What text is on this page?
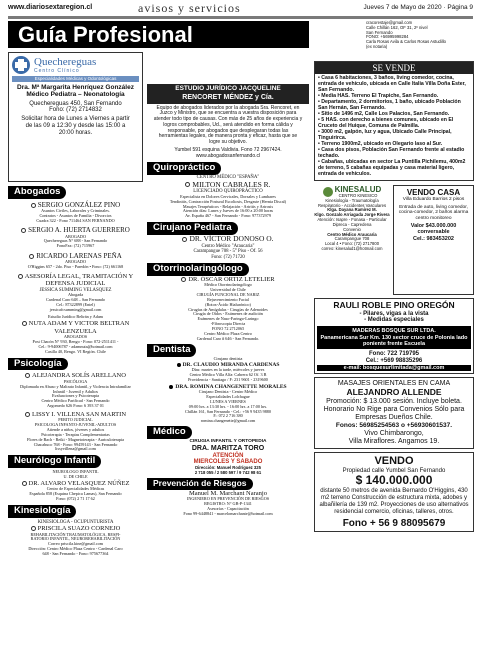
www.diariosextaregion.cl	avisos y servicios	Jueves 7 de Mayo de 2020 · Página 9
Guía Profesional
Quechereguas
Centro Clínico
Especialidades Médicas y Odontológicas
Dra. Mª Margarita Henríquez González
Médico Pediatra – Neonatología
Quechereguas 450, San Fernando
Fono: (72) 2714832
Solicitar hora de Lunes a Viernes a partir de las 09 a 12:30 y desde las 15:00 a 20:00 horas.
Abogados
SERGIO GONZÁLEZ PINO
Asuntos Civiles, Laborales y Criminales.
Contratos - Asuntos de Familia - Divorcios
Cuadra 322 - Fono 711464 SAN FERNANDO
SERGIO A. HUERTA GUERRERO
ABOGADO
Quechereguas N° 688 - San Fernando
FonoFax: (72) 715967
RICARDO LARENAS PEÑA
ABOGADO
O'Higgins 657 - 2do. Piso - Paredón • Fono: (72) 661168
ASESORÍA LEGAL, TRAMITACIÓN Y DEFENSA JUDICIAL
JESSICA SUMMING VELASQUEZ
Abogada
Cardenal Caro 648 – San Fernando
Cel.: 87322899 (Entel)
jessicafcsumming@gmail.com
Estudio Jurídico Beltrán y Adam
NUTA ADAM Y VICTOR BELTRAN VALENZUELA
ABOGADOS
Post Chacón N° 930, Rengo - Fono: 072-2511411 -
Cel.: 9-94006787 - adamnuta@hotmail.com
Casilla 40, Rengo. VI Región. Chile
Psicología
ALEJANDRA SOLÍS ARELLANO
PSICÓLOGA
Diplomada en Abuso y Maltrato Infantil, y Violencia Intrafamiliar
Infantil - Juvenil y Adultos
Evaluaciones y Psicoterapia
Centro Médico Parificad - San Fernando
Argomedo 626 Fono: 6 393 37 01
LISSY I. VILLENA SAN MARTIN
PERITO JUDICIAL
PSICOLOGA INFANTO-JUVENIL-ADULTOS
Atiende a niños, jóvenes y adultos
Psicoterapia - Terapias Complementarias
Flores de Bach - Reiki - Magnetoterapia - Auriculoterapia
Chacabuco 768 - Fono: 99459143 - San Fernando
lissyvillena@gmail.com
Neurólogo Infantil
NEUROLOGO INFANTIL
U. DE CHILE
DR. ALVARO VELASQUEZ NÚÑEZ
Centro de Especialidades Médicas
Española 858 (Esquina Chepica Lamas), San Fernando
Fono: (072) 2 71 17 62
Kinesiología
KINESIOLOGA - OCUPUNTURISTA
PRISCILA SUAZO CORNEJO
REHABILITACIÓN TRAUMATOLÓGICA, RESPI-
RATORIO INFANTIL, NEUROREHABILITACIÓN
Correo priscila.kine@gmail.com
Dirección: Centro Médico Plaza Centro - Cardenal Caro
648 - San Fernando - Fono: 975677364
ESTUDIO JURÍDICO JACQUELINE
RENCORET MÉNDEZ y Cía.
Equipo de abogados liderados por la abogada Sra. Rencoret, en Juzco y Ministro, que se encuentra a vuestra disposición para atender todo tipo de causas. Con más de 25 años de experiencia y logros comprobables, Ud., será atendido en forma cálida y responsable, por abogados que desplegaran todas las herramientas legales, de manera pronta y eficaz, hasta que se logre su objetivo.
Yumbel 591 esquina Valdivia. Fono 72 2967424.
www.abogadosanfernando.cl
Quiropráctico
CENTRO MÉDICO "ESPAÑA"
MILTON CABRALES R.
LICENCIADO QUIROPRÁCTICO
Especialista en Dolores Cervicales, Dorsales y Lumbares
Tendinitis, Contracción Postural Escoliosis, Desgaste (Hernia Discal)
Masajes Terapéuticos - Relajación - Artritis y Artrosis
Atención días: Lunes y Jueves de 16:00 a 20:00 horas
Av. España 467 - San Fernando - Fono: 977372979
Cirujano Pediatra
DR. VÍCTOR DONOSO O.
Centro Médico "Araucaria"
Carampangue 708 - 5° Piso - Of. 56
Fono: (72) 71720
Otorrinolaringólogo
DR. ÓSCAR ORTIZ LETELIER
Médico Otorrinolaringólogo
Universidad de Chile
CIRUGÍA FUNCIONAL DE NARIZ
Rejuvenecimiento Facial
(Botox-Ácido Hialurónico)
Cirugías de Amígdalas - Cirugías de Adenoides
Cirugía de Oídos - Exámenes de audición
Exámenes de Naso-Faringo-Laringo
-Fibroscopia Directa
FONO 72 2712065
Centro Médico Plaza Centro
Cardenal Caro # 646 - San Fernando.
Dentista
Cirujano dentista
DR. CLAUDIO MIRANDA CARDENAS
Días: martes en la tarde, miércoles y jueves
Centro Médico Villa Alfa: Cabrera 62 Of. 3 B
Providencia - Santiago / F: 231 9601 - 2319600
DRA. ROMINA CHANGENETTE MORALES
Cirujano Dentista - Centro Médico
Especialidades Lolchague
LUNES A VIERNES
09:00 hrs. a 13:30 hrs. - 16:00 hrs. a 17:00 hrs.
Chillán 161, San Fernando - Cel.: +56 9 9435 9880
F.: 072 2 716 380
romina.changenette@gmail.com
Médico
CIRUGIA INFANTIL Y ORTOPEDIA
DRA. MARITZA TORO
ATENCIÓN
MIERCOLES Y SABADO
Dirección: Manuel Rodríguez 325
2 718 055 / 2 580 597 / 9 742 98 61
Prevención de Riesgos
Manuel M. Marchant Naranjo
INGENIERO EN PREVENCIÓN DE RIESGOS
REGISTRO: N° GB-P-1341
Asesorías - Capacitación
Fono 99-6448841 - marcelomarchante@hotmail.com
cracorestaje@gmail.com
Calle Chillán 162, OF 31, 2º nivel
San Fernando
FONO: +56995998284
Carla Rosas Avila & Carlos Rosas Astudillo
(ex notaria)
SE VENDE
• Casa 6 habitaciones, 3 baños, living comedor, cocina, entrada de vehículo, ubicada en Calle Italia Villa Doña Ester, San Fernando.
• Media HAS. Terreno El Trapiche, San Fernando.
• Departamento, 2 dormitorios, 1 baño, ubicado Población San Hernán, San Fernando.
• Sitio de 1496 m2, Calle Los Palacios, San Fernando.
• 5 HAS. con derecho a bienes comunes, ubicado en El Cruceto del Huique, Comuna de Palmilla.
• 3000 m2, galpón, luz y agua, Ubicado Calle Principal, Tinguirirca.
• Terreno 1900m2, ubicado en Olegario laso al Sur.
• Casa dos pisos, Población San Fernando frente al estadio techado.
• Cabañas, ubicadas en sector La Puntilla Pichilemu, 400m2 de terreno, 5 cabañas equipadas y casa material ligero, entrada de vehículos.
KINESALUD
CENTRO KINESICO
Kinesiología - Traumatología
Respiratorio - Accidentes Vasculares
Klga. Dayana Ramírez M.
Klgo. Gonzalo Arriagada Jorge Rivera
Atención: Isapre - Fonasa - Particular
Dipreca - Capredena
Convenio
Centro Médico Araucaria
Carampangue 708
Local 4 • Fono: (72) 2717800
correo: kinesalud1@hotmail.com
VENDO CASA
Villa Eduardo Barrios 2 pisos
Entrada de auto, living comedor, cocina-comedor, 2 baños alarma centro monitoreo
Valor $43.000.000 conversable
Cel.: 983453202
RAULI ROBLE PINO OREGÓN
- Pilares, vigas a la vista
- Medidas especiales
MADERAS BOSQUE SUR LTDA.
Panamericana Sur Km. 130 sector cruce de Polonia lado poniente frente Escuela
Fono: 722 719795
Cel.: +569 98835296
e-mail: bosquesurlimitada@gmail.com
MASAJES ORIENTALES EN CAMA
ALEJANDRO ALLENDE
Promoción: $ 13.000 sesión. Incluye boleta. Honorario No Rige para Convenios Sólo para Empresas Dueños Chile.
Fonos: 56985254563 o +56930601537.
Vivo Chimbarongo,
Villa Miraflores. Angamos 19.
VENDO
Propiedad calle Yumbel San Fernando
$ 140.000.000
distante 50 metros de avenida Bernardo O'Higgins, 430 m2 terreno Construcción de estructura mixta, adobes y albañilería de 139 m2. Proyecciones de uso alternativos residencial comercio, oficinas, talleres, otros.
Fono + 56 9 88095679
